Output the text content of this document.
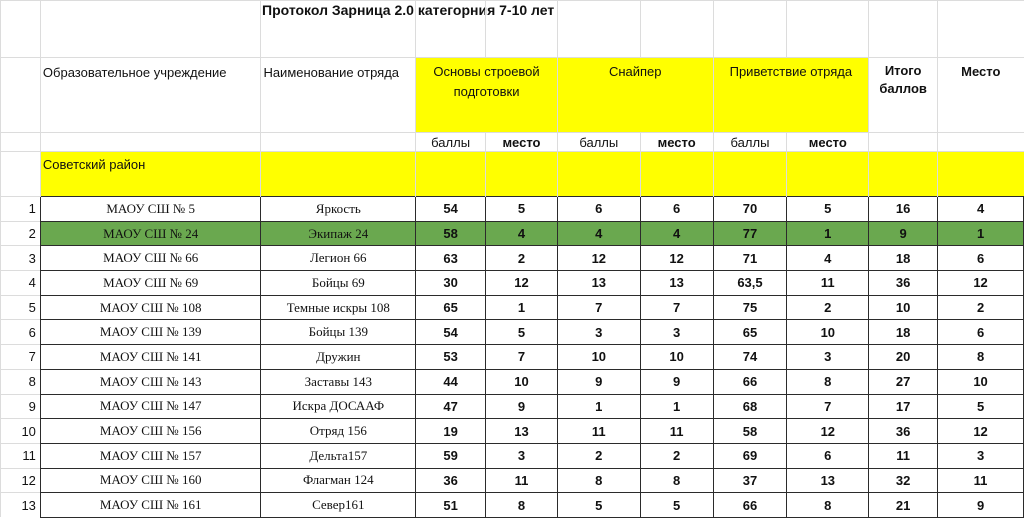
Протокол Зарница 2.0 категорния 7-10 лет

	Образовательное учреждение	Наименование отряда	Основы строевой подготовки		Снайпер		Приветствие отряда		Итого баллов	Место
			баллы	место	баллы	место	баллы	место		
	Советский район									
1	МАОУ СШ № 5	Яркость	54	5	6	6	70	5	16	4
2	МАОУ СШ № 24	Экипаж 24	58	4	4	4	77	1	9	1
3	МАОУ СШ № 66	Легион 66	63	2	12	12	71	4	18	6
4	МАОУ СШ № 69	Бойцы 69	30	12	13	13	63,5	11	36	12
5	МАОУ СШ № 108	Темные искры 108	65	1	7	7	75	2	10	2
6	МАОУ СШ № 139	Бойцы 139	54	5	3	3	65	10	18	6
7	МАОУ СШ № 141	Дружин	53	7	10	10	74	3	20	8
8	МАОУ СШ № 143	Заставы 143	44	10	9	9	66	8	27	10
9	МАОУ СШ № 147	Искра ДОСААФ	47	9	1	1	68	7	17	5
10	МАОУ СШ № 156	Отряд 156	19	13	11	11	58	12	36	12
11	МАОУ СШ № 157	Дельта157	59	3	2	2	69	6	11	3
12	МАОУ СШ № 160	Флагман 124	36	11	8	8	37	13	32	11
13	МАОУ СШ № 161	Север161	51	8	5	5	66	8	21	9
